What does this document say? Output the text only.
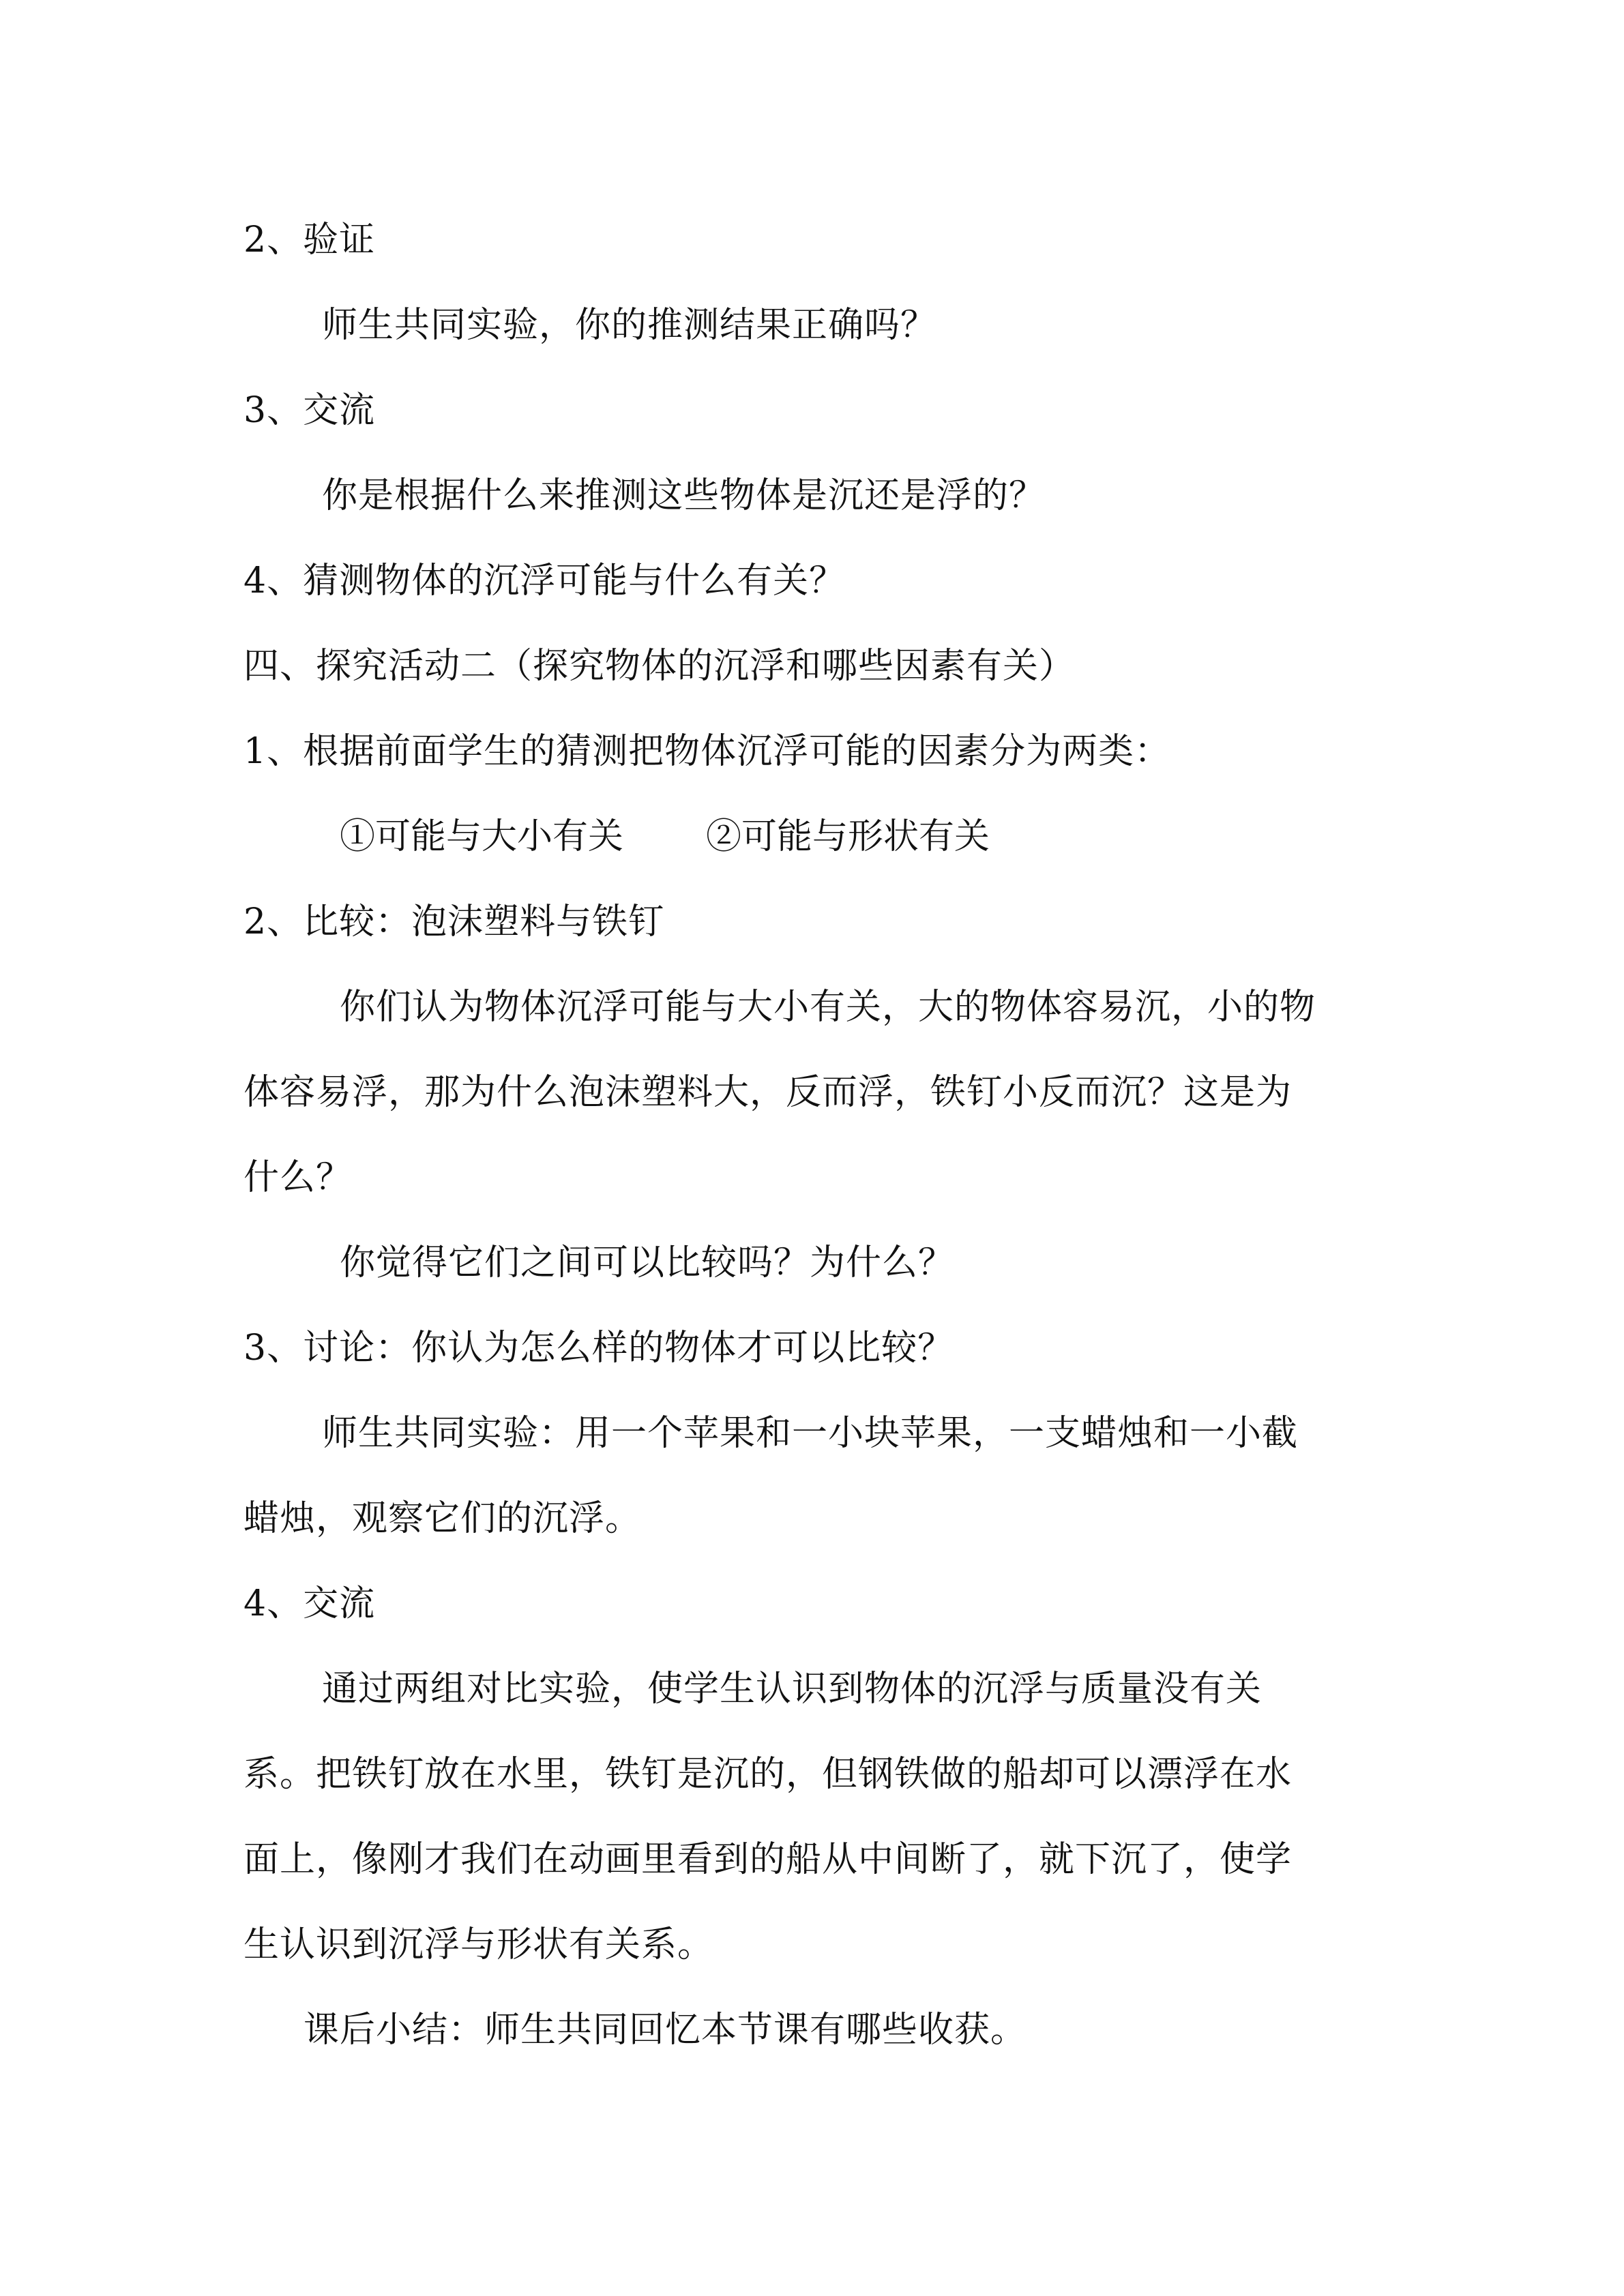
2、验证
师生共同实验，你的推测结果正确吗？
3、交流
你是根据什么来推测这些物体是沉还是浮的？
4、猜测物体的沉浮可能与什么有关？
四、探究活动二（探究物体的沉浮和哪些因素有关）
1、根据前面学生的猜测把物体沉浮可能的因素分为两类：
①可能与大小有关 ②可能与形状有关
2、比较：泡沫塑料与铁钉
你们认为物体沉浮可能与大小有关，大的物体容易沉，小的物
体容易浮，那为什么泡沫塑料大，反而浮，铁钉小反而沉？这是为
什么？
你觉得它们之间可以比较吗？为什么？
3、讨论：你认为怎么样的物体才可以比较？
师生共同实验：用一个苹果和一小块苹果，一支蜡烛和一小截
蜡烛，观察它们的沉浮。
4、交流
通过两组对比实验，使学生认识到物体的沉浮与质量没有关
系。把铁钉放在水里，铁钉是沉的，但钢铁做的船却可以漂浮在水
面上，像刚才我们在动画里看到的船从中间断了，就下沉了，使学
生认识到沉浮与形状有关系。
课后小结：师生共同回忆本节课有哪些收获。
